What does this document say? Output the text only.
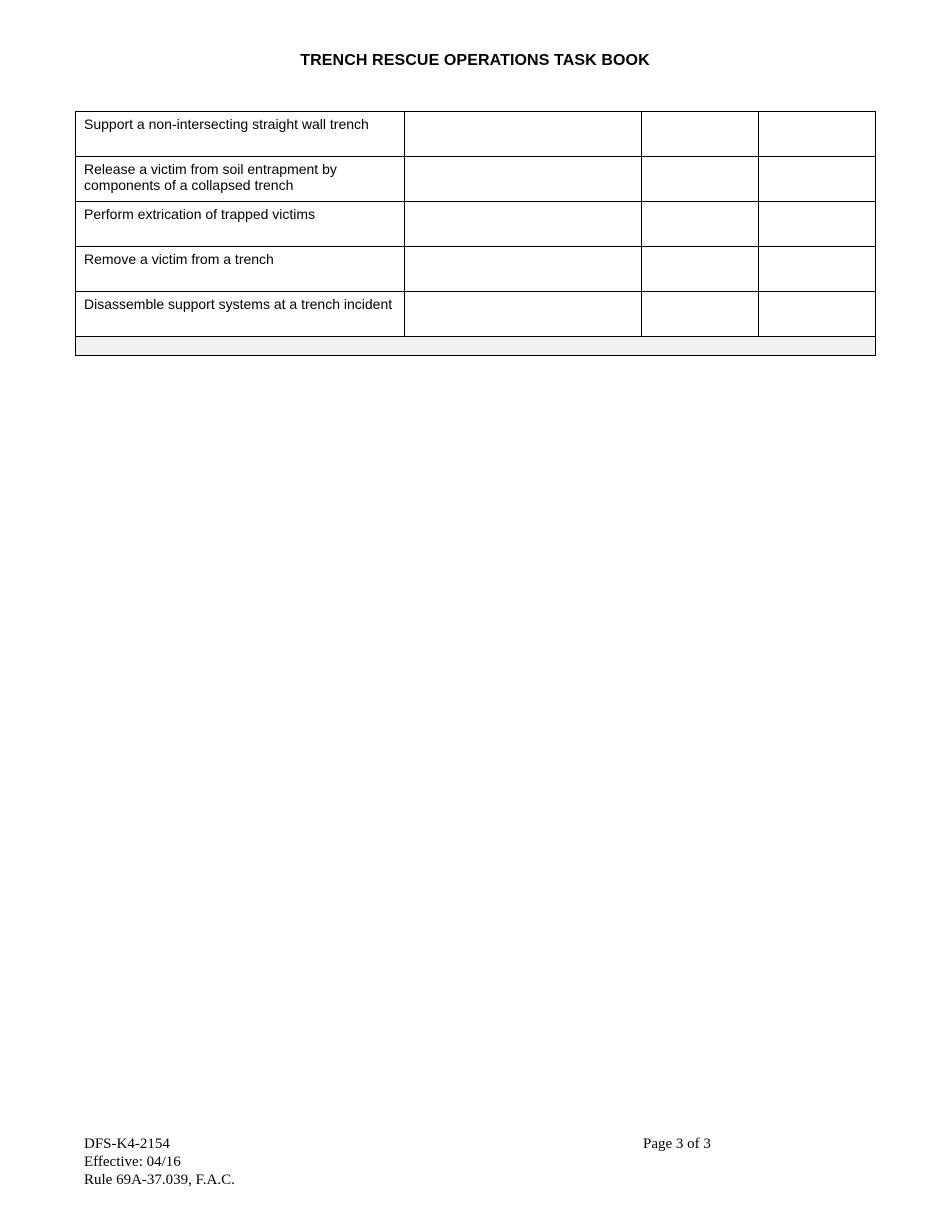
TRENCH RESCUE OPERATIONS TASK BOOK
Support a non-intersecting straight wall trench			
Release a victim from soil entrapment by components of a collapsed trench			
Perform extrication of trapped victims			
Remove a victim from a trench			
Disassemble support systems at a trench incident			

DFS-K4-2154
Effective: 04/16
Rule 69A-37.039, F.A.C.
Page 3 of 3
